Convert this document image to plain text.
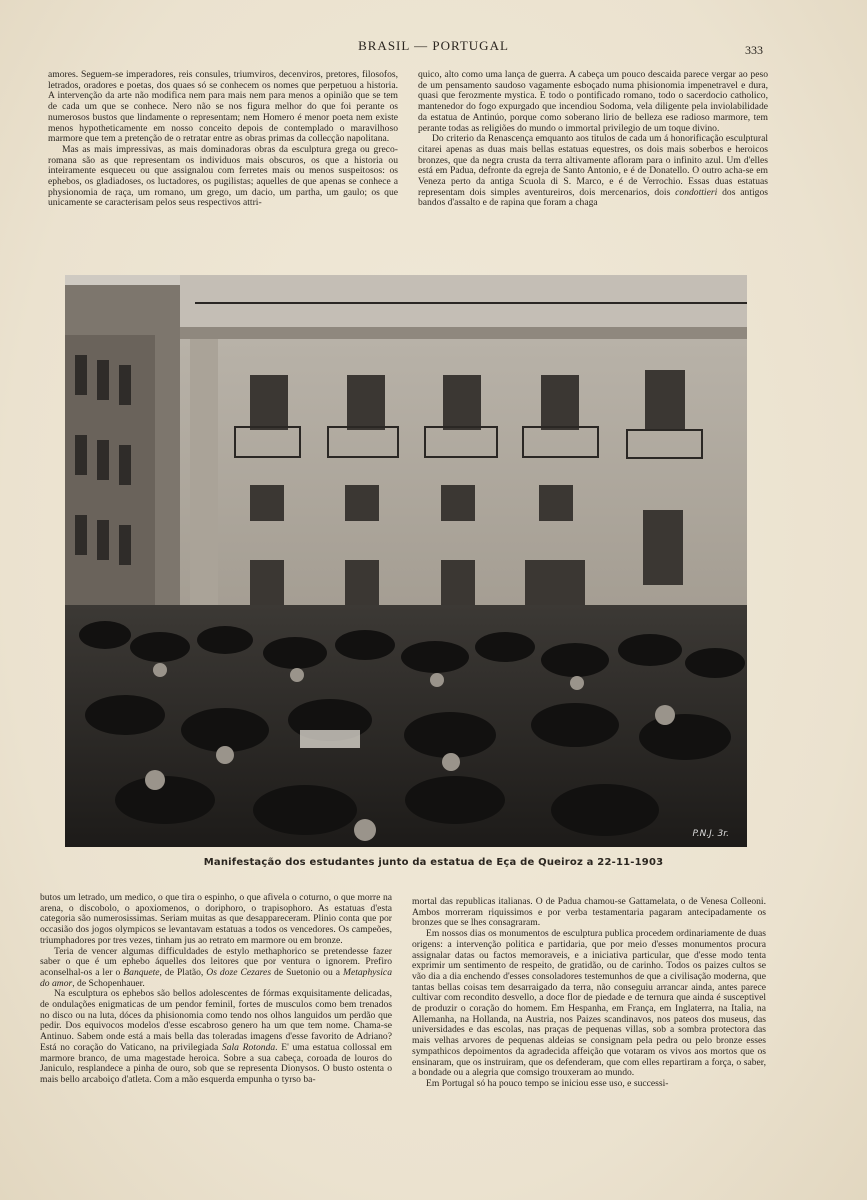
BRASIL — PORTUGAL	333

amores. Seguem-se imperadores, reis consules, triumviros, decenviros, pretores, filosofos, letrados, oradores e poetas, dos quaes só se conhecem os nomes que perpetuou a historia. A intervenção da arte não modifica nem para mais nem para menos a opinião que se tem de cada um que se conhece. Nero não se nos figura melhor do que foi perante os numerosos bustos que lindamente o representam; nem Homero é menor poeta nem existe menos hypotheticamente em nosso conceito depois de contemplado o maravilhoso marmore que tem a pretenção de o retratar entre as obras primas da collecção napolitana.

Mas as mais impressivas, as mais dominadoras obras da esculptura grega ou greco-romana são as que representam os individuos mais obscuros, os que a historia ou inteiramente esqueceu ou que assignalou com ferretes mais ou menos suspeitosos: os ephebos, os gladiadoses, os luctadores, os pugilistas; aquelles de que apenas se conhece a physionomia de raça, um romano, um grego, um dacio, um partha, um gaulo; os que unicamente se caracterisam pelos seus respectivos attri-

quico, alto como uma lança de guerra. A cabeça um pouco descaida parece vergar ao peso de um pensamento saudoso vagamente esboçado numa phisionomia impenetravel e dura, quasi que ferozmente mystica. E todo o pontificado romano, todo o sacerdocio catholico, mantenedor do fogo expurgado que incendiou Sodoma, vela diligente pela inviolabilidade da estatua de Antinúo, porque como soberano lirio de belleza ese radioso marmore, tem perante todas as religiões do mundo o immortal privilegio de um toque divino.

Do criterio da Renascença emquanto aos titulos de cada um á honorificação esculptural citarei apenas as duas mais bellas estatuas equestres, os dois mais soberbos e heroicos bronzes, que da negra crusta da terra altivamente afloram para o infinito azul. Um d'elles está em Padua, defronte da egreja de Santo Antonio, e é de Donatello. O outro acha-se em Veneza perto da antiga Scuola di S. Marco, e é de Verrochio. Essas duas estatuas representam dois simples aventureiros, dois mercenarios, dois condottieri dos antigos bandos d'assalto e de rapina que foram a chaga

P.N.J. 3r.
Manifestação dos estudantes junto da estatua de Eça de Queiroz a 22-11-1903

butos um letrado, um medico, o que tira o espinho, o que afivela o coturno, o que morre na arena, o discobolo, o apoxiomenos, o doriphoro, o trapisophoro. As estatuas d'esta categoria são numerosissimas. Seriam muitas as que desappareceram. Plinio conta que por occasião dos jogos olympicos se levantavam estatuas a todos os vencedores. Os campeões, triumphadores por tres vezes, tinham jus ao retrato em marmore ou em bronze.

Teria de vencer algumas difficuldades de estylo methaphorico se pretendesse fazer saber o que é um ephebo áquelles dos leitores que por ventura o ignorem. Prefiro aconselhal-os a ler o Banquete, de Platão, Os doze Cezares de Suetonio ou a Metaphysica do amor, de Schopenhauer.

Na esculptura os ephebos são bellos adolescentes de fórmas exquisitamente delicadas, de ondulações enigmaticas de um pendor feminil, fortes de musculos como bem trenados no disco ou na luta, dóces da phisionomia como tendo nos olhos languidos um perdão que pedir. Dos equivocos modelos d'esse escabroso genero ha um que tem nome. Chama-se Antinuo. Sabem onde está a mais bella das toleradas imagens d'esse favorito de Adriano? Está no coração do Vaticano, na privilegiada Sala Rotonda. E' uma estatua collossal em marmore branco, de uma magestade heroica. Sobre a sua cabeça, coroada de louros do Janiculo, resplandece a pinha de ouro, sob que se representa Dionysos. O busto ostenta o mais bello arcaboiço d'atleta. Com a mão esquerda empunha o tyrso ba-

mortal das republicas italianas. O de Padua chamou-se Gattamelata, o de Venesa Colleoni. Ambos morreram riquissimos e por verba testamentaria pagaram antecipadamente os bronzes que se lhes consagraram.

Em nossos dias os monumentos de esculptura publica procedem ordinariamente de duas origens: a intervenção politica e partidaria, que por meio d'esses monumentos procura assignalar datas ou factos memoraveis, e a iniciativa particular, que d'esse modo tenta exprimir um sentimento de respeito, de gratidão, ou de carinho. Todos os paizes cultos se vão dia a dia enchendo d'esses consoladores testemunhos de que a civilisação moderna, que tantas bellas coisas tem desarraigado da terra, não conseguiu arrancar ainda, antes parece cultivar com recondito desvello, a doce flor de piedade e de ternura que ainda é susceptivel de produzir o coração do homem. Em Hespanha, em França, em Inglaterra, na Italia, na Allemanha, na Hollanda, na Austria, nos Paizes scandinavos, nos pateos dos museus, das universidades e das escolas, nas praças de pequenas villas, sob a sombra protectora das mais velhas arvores de pequenas aldeias se consignam pela pedra ou pelo bronze esses sympathicos depoimentos da agradecida affeição que votaram os vivos aos mortos que os ensinaram, que os instruiram, que os defenderam, que com elles repartiram a força, o saber, a bondade ou a alegria que comsigo trouxeram ao mundo.

Em Portugal só ha pouco tempo se iniciou esse uso, e successi-
